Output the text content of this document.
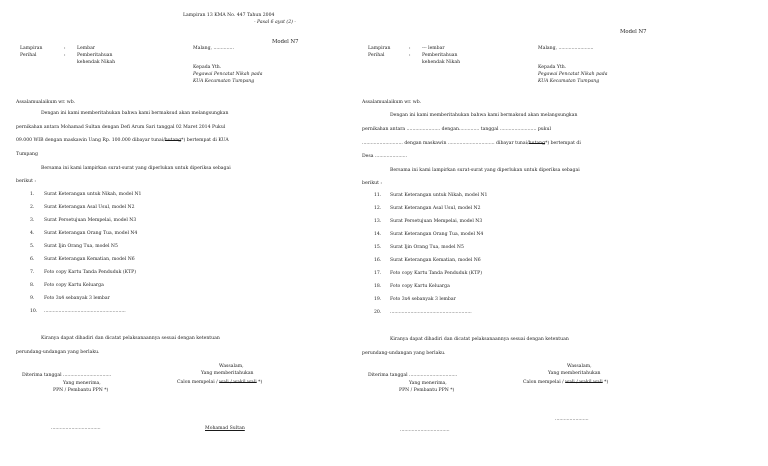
Lampiran 13 KMA No. 447 Tahun 2004
- Pasal 6 ayat (2) -
Model N7
Lampiran	: Lembar
Perihal	: Pemberitahuan
kehendak Nikah
Malang, ..............
Kepada Yth.
Pegawai Pencatat Nikah pada
KUA Kecamatan Tumpang
Assalamualaikum wr. wb.
Dengan ini kami memberitahukan bahwa kami bermaksud akan melangsungkan
pernikahan antara Mohamad Sultan dengan Defi Arum Sari tanggal 02 Maret 2014 Pukul
09.000 WIB dengan maskawin Uang Rp. 100.000 dibayar tunai/hutang*) bertempat di KUA
Tumpang
Bersama ini kami lampirkan surat-surat yang diperlukan untuk diperiksa sebagai
berikut :
1. Surat Keterangan untuk Nikah, model N1
2. Surat Keterangan Asal Usul, model N2
3. Surat Persetujuan Mempelai, model N3
4. Surat Keterangan Orang Tua, model N4
5. Surat Ijin Orang Tua, model N5
6. Surat Keterangan Kematian, model N6
7. Foto copy Kartu Tanda Penduduk (KTP)
8. Foto copy Kartu Keluarga
9. Foto 3x4 sebanyak 3 lembar
10. ........................................................
Kiranya dapat dihadiri dan dicatat pelaksanaannya sesuai dengan ketentuan
perundang-undangan yang berlaku.
Wassalam,
Yang memberitahukan
Calon mempelai / wali / wakil wali *)
Diterima tanggal .................................
Yang menerima,
PPN / Pembantu PPN *)
..................................	Mohamad Sultan
Model N7
Lampiran	: --- lembar
Perihal	: Pemberitahuan
kehendak Nikah
Malang, ........................
Kepada Yth.
Pegawai Pencatat Nikah pada
KUA Kecamatan Tumpang
Assalamualaikum wr. wb.
Dengan ini kami memberitahukan bahwa kami bermaksud akan melangsungkan
pernikahan antara ....................... dengan.............. tanggal ......................... pukul
............................ dengan maskawin ................................ dibayar tunai/hutang*) bertempat di
Desa ......................
Bersama ini kami lampirkan surat-surat yang diperlukan untuk diperiksa sebagai
berikut :
11. Surat Keterangan untuk Nikah, model N1
12. Surat Keterangan Asal Usul, model N2
13. Surat Persetujuan Mempelai, model N3
14. Surat Keterangan Orang Tua, model N4
15. Surat Ijin Orang Tua, model N5
16. Surat Keterangan Kematian, model N6
17. Foto copy Kartu Tanda Penduduk (KTP)
18. Foto copy Kartu Keluarga
19. Foto 3x4 sebanyak 3 lembar
20. ........................................................
Kiranya dapat dihadiri dan dicatat pelaksanaannya sesuai dengan ketentuan
perundang-undangan yang berlaku.
Wassalam,
Yang memberitahukan
Calon mempelai / wali / wakil wali *)
Diterima tanggal .................................
Yang menerima,
PPN / Pembantu PPN *)
..................................
.......................
